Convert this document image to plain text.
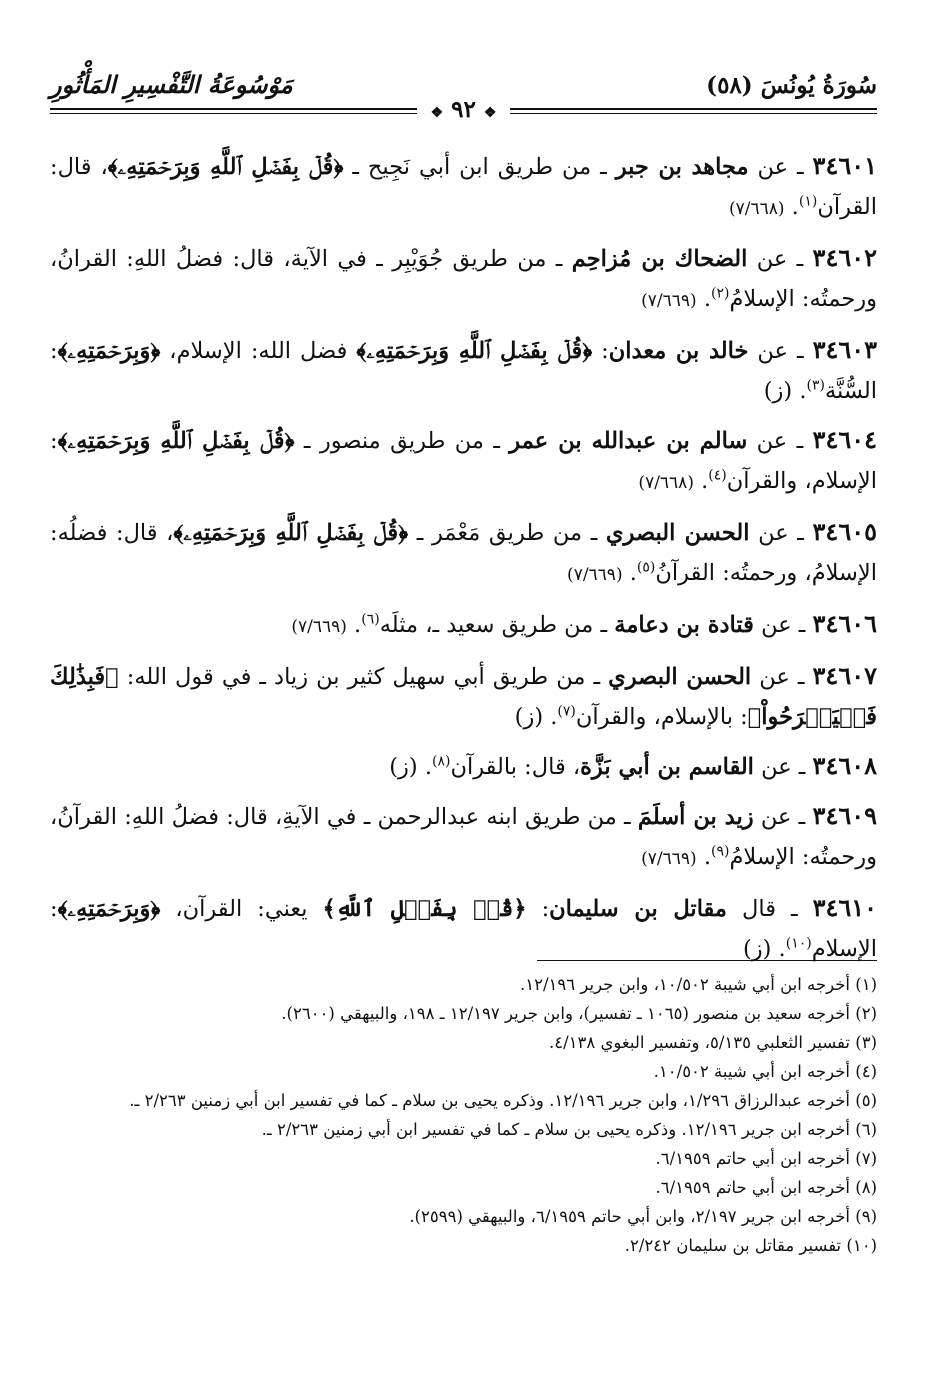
سُورَةُ يُونُسَ (٥٨)
مَوْسُوعَةُ التَّفْسِيرِ المَأْثُورِ
❖ ٩٢ ❖

٣٤٦٠١ ـ عن مجاهد بن جبر ـ من طريق ابن أبي نَجِيح ـ ﴿قُلۡ بِفَضۡلِ ٱللَّهِ وَبِرَحۡمَتِهِۦ﴾، قال: القرآن$^{(١)}$. (٧/٦٦٨)

٣٤٦٠٢ ـ عن الضحاك بن مُزاحِم ـ من طريق جُوَيْبِر ـ في الآية، قال: فضلُ اللهِ: القرانُ، ورحمتُه: الإسلامُ$^{(٢)}$. (٧/٦٦٩)

٣٤٦٠٣ ـ عن خالد بن معدان: ﴿قُلۡ بِفَضۡلِ ٱللَّهِ وَبِرَحۡمَتِهِۦ﴾ فضل الله: الإسلام، ﴿وَبِرَحۡمَتِهِۦ﴾: السُّنَّة$^{(٣)}$. (ز)

٣٤٦٠٤ ـ عن سالم بن عبدالله بن عمر ـ من طريق منصور ـ ﴿قُلۡ بِفَضۡلِ ٱللَّهِ وَبِرَحۡمَتِهِۦ﴾: الإسلام، والقرآن$^{(٤)}$. (٧/٦٦٨)

٣٤٦٠٥ ـ عن الحسن البصري ـ من طريق مَعْمَر ـ ﴿قُلۡ بِفَضۡلِ ٱللَّهِ وَبِرَحۡمَتِهِۦ﴾، قال: فضلُه: الإسلامُ، ورحمتُه: القرآنُ$^{(٥)}$. (٧/٦٦٩)

٣٤٦٠٦ ـ عن قتادة بن دعامة ـ من طريق سعيد ـ، مثلَه$^{(٦)}$. (٧/٦٦٩)

٣٤٦٠٧ ـ عن الحسن البصري ـ من طريق أبي سهيل كثير بن زياد ـ في قول الله: ﴿فَبِذَٰلِكَ فَلۡيَفۡرَحُواْ﴾: بالإسلام، والقرآن$^{(٧)}$. (ز)

٣٤٦٠٨ ـ عن القاسم بن أبي بَزَّة، قال: بالقرآن$^{(٨)}$. (ز)

٣٤٦٠٩ ـ عن زيد بن أسلَمَ ـ من طريق ابنه عبدالرحمن ـ في الآيةِ، قال: فضلُ اللهِ: القرآنُ، ورحمتُه: الإسلامُ$^{(٩)}$. (٧/٦٦٩)

٣٤٦١٠ ـ قال مقاتل بن سليمان: ﴿قُلۡ بِفَضۡلِ ٱللَّهِ﴾ يعني: القرآن، ﴿وَبِرَحۡمَتِهِۦ﴾: الإسلام$^{(١٠)}$. (ز)

(١) أخرجه ابن أبي شيبة ١٠/٥٠٢، وابن جرير ١٢/١٩٦.
(٢) أخرجه سعيد بن منصور (١٠٦٥ ـ تفسير)، وابن جرير ١٢/١٩٧ ـ ١٩٨، والبيهقي (٢٦٠٠).
(٣) تفسير الثعلبي ٥/١٣٥، وتفسير البغوي ٤/١٣٨.
(٤) أخرجه ابن أبي شيبة ١٠/٥٠٢.
(٥) أخرجه عبدالرزاق ١/٢٩٦، وابن جرير ١٢/١٩٦. وذكره يحيى بن سلام ـ كما في تفسير ابن أبي زمنين ٢/٢٦٣ ـ.
(٦) أخرجه ابن جرير ١٢/١٩٦. وذكره يحيى بن سلام ـ كما في تفسير ابن أبي زمنين ٢/٢٦٣ ـ.
(٧) أخرجه ابن أبي حاتم ٦/١٩٥٩.
(٨) أخرجه ابن أبي حاتم ٦/١٩٥٩.
(٩) أخرجه ابن جرير ٢/١٩٧، وابن أبي حاتم ٦/١٩٥٩، والبيهقي (٢٥٩٩).
(١٠) تفسير مقاتل بن سليمان ٢/٢٤٢.
